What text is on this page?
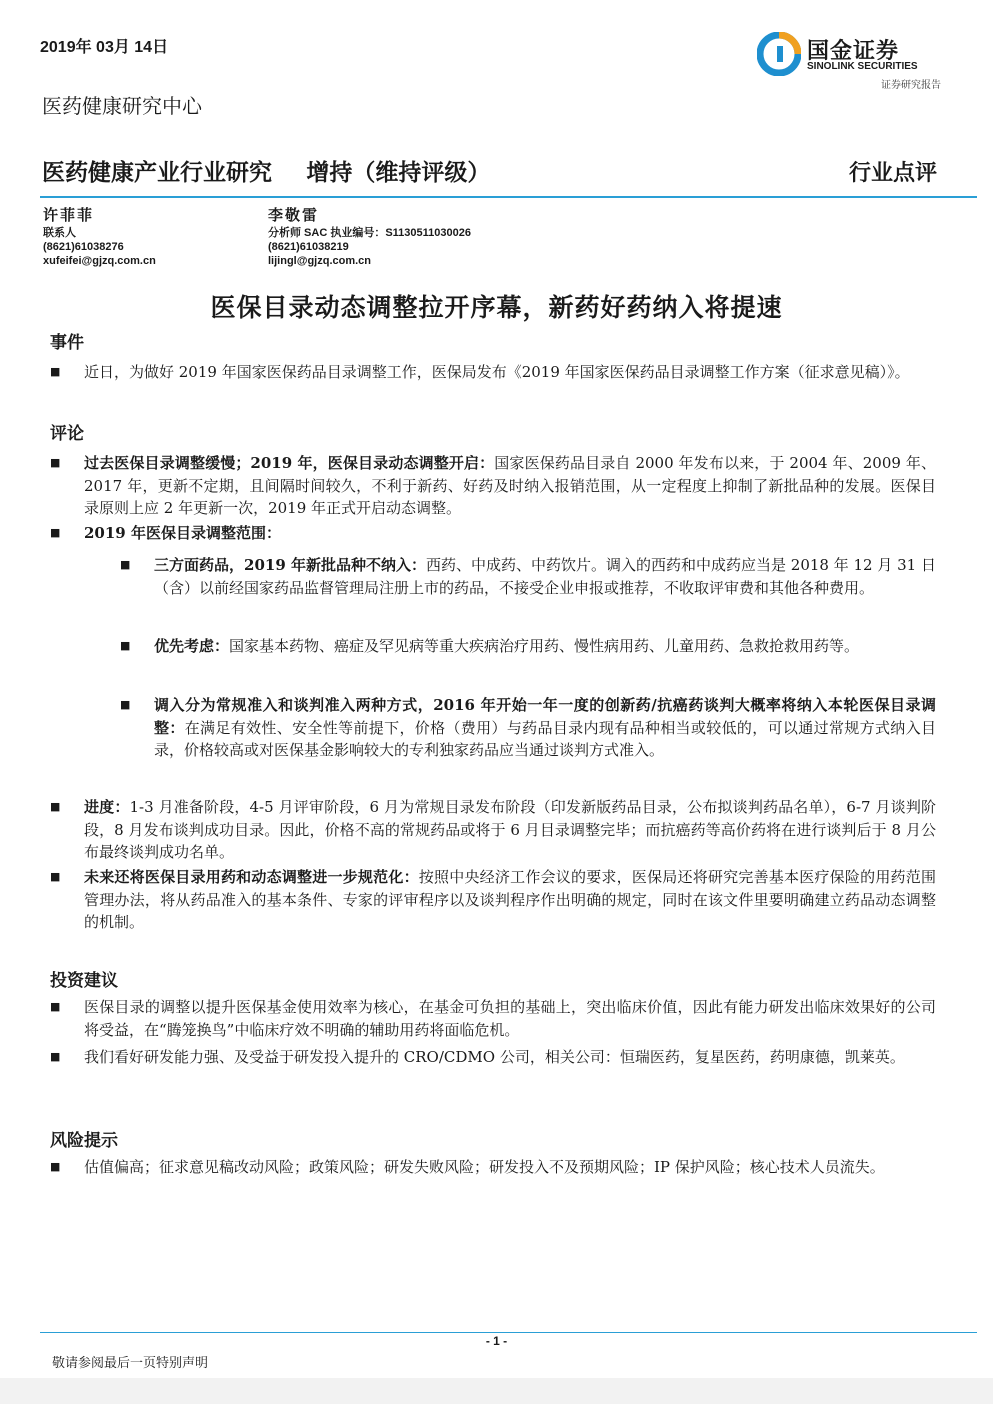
2019年 03月 14日	国金证券
SINOLINK SECURITIES
证券研究报告
医药健康研究中心
医药健康产业行业研究 增持（维持评级）	行业点评
许菲菲
联系人
(8621)61038276
xufeifei@gjzq.com.cn
李敬雷
分析师 SAC 执业编号：S1130511030026
(8621)61038219
lijingl@gjzq.com.cn
医保目录动态调整拉开序幕，新药好药纳入将提速
事件
■ 近日，为做好 2019 年国家医保药品目录调整工作，医保局发布《2019 年国家医保药品目录调整工作方案（征求意见稿）》。
评论
■ 过去医保目录调整缓慢；2019 年，医保目录动态调整开启：国家医保药品目录自 2000 年发布以来，于 2004 年、2009 年、2017 年，更新不定期，且间隔时间较久，不利于新药、好药及时纳入报销范围，从一定程度上抑制了新批品种的发展。医保目录原则上应 2 年更新一次，2019 年正式开启动态调整。
■ 2019 年医保目录调整范围：
■ 三方面药品，2019 年新批品种不纳入：西药、中成药、中药饮片。调入的西药和中成药应当是 2018 年 12 月 31 日（含）以前经国家药品监督管理局注册上市的药品，不接受企业申报或推荐，不收取评审费和其他各种费用。
■ 优先考虑：国家基本药物、癌症及罕见病等重大疾病治疗用药、慢性病用药、儿童用药、急救抢救用药等。
■ 调入分为常规准入和谈判准入两种方式，2016 年开始一年一度的创新药/抗癌药谈判大概率将纳入本轮医保目录调整：在满足有效性、安全性等前提下，价格（费用）与药品目录内现有品种相当或较低的，可以通过常规方式纳入目录，价格较高或对医保基金影响较大的专利独家药品应当通过谈判方式准入。
■ 进度：1-3 月准备阶段，4-5 月评审阶段，6 月为常规目录发布阶段（印发新版药品目录，公布拟谈判药品名单），6-7 月谈判阶段，8 月发布谈判成功目录。因此，价格不高的常规药品或将于 6 月目录调整完毕；而抗癌药等高价药将在进行谈判后于 8 月公布最终谈判成功名单。
■ 未来还将医保目录用药和动态调整进一步规范化：按照中央经济工作会议的要求，医保局还将研究完善基本医疗保险的用药范围管理办法，将从药品准入的基本条件、专家的评审程序以及谈判程序作出明确的规定，同时在该文件里要明确建立药品动态调整的机制。
投资建议
■ 医保目录的调整以提升医保基金使用效率为核心，在基金可负担的基础上，突出临床价值，因此有能力研发出临床效果好的公司将受益，在“腾笼换鸟”中临床疗效不明确的辅助用药将面临危机。
■ 我们看好研发能力强、及受益于研发投入提升的 CRO/CDMO 公司，相关公司：恒瑞医药，复星医药，药明康德，凯莱英。
风险提示
■ 估值偏高；征求意见稿改动风险；政策风险；研发失败风险；研发投入不及预期风险；IP 保护风险；核心技术人员流失。
- 1 -
敬请参阅最后一页特别声明
